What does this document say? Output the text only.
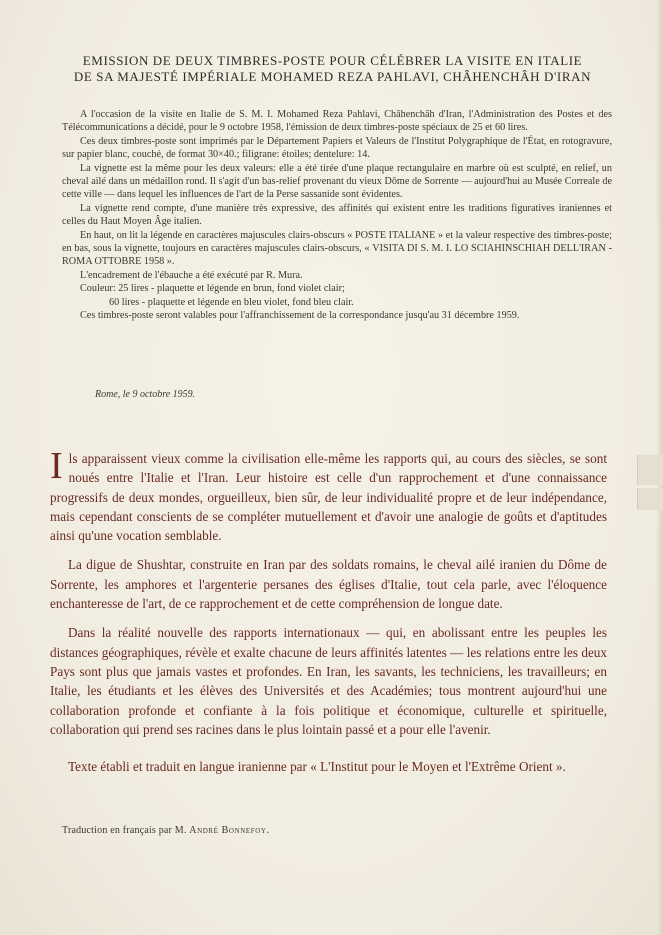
EMISSION DE DEUX TIMBRES-POSTE POUR CÉLÉBRER LA VISITE EN ITALIE
DE SA MAJESTÉ IMPÉRIALE MOHAMED REZA PAHLAVI, CHÂHENCHÂH D'IRAN

A l'occasion de la visite en Italie de S. M. I. Mohamed Reza Pahlavi, Châhenchâh d'Iran, l'Administration des Postes et des Télécommunications a décidé, pour le 9 octobre 1958, l'émission de deux timbres-poste spéciaux de 25 et 60 lires.

Ces deux timbres-poste sont imprimés par le Département Papiers et Valeurs de l'Institut Polygraphique de l'État, en rotogravure, sur papier blanc, couché, de format 30×40.; filigrane: étoiles; dentelure: 14.

La vignette est la même pour les deux valeurs: elle a été tirée d'une plaque rectangulaire en marbre où est sculpté, en relief, un cheval ailé dans un médaillon rond. Il s'agit d'un bas-relief provenant du vieux Dôme de Sorrente — aujourd'hui au Musée Correale de cette ville — dans lequel les influences de l'art de la Perse sassanide sont évidentes.

La vignette rend compte, d'une manière très expressive, des affinités qui existent entre les traditions figuratives iraniennes et celles du Haut Moyen Âge italien.

En haut, on lit la légende en caractères majuscules clairs-obscurs « POSTE ITALIANE » et la valeur respective des timbres-poste; en bas, sous la vignette, toujours en caractères majuscules clairs-obscurs, « VISITA DI S. M. I. LO SCIAHINSCHIAH DELL'IRAN - ROMA OTTOBRE 1958 ».

L'encadrement de l'ébauche a été exécuté par R. Mura.

Couleur: 25 lires - plaquette et légende en brun, fond violet clair;

60 lires - plaquette et légende en bleu violet, fond bleu clair.

Ces timbres-poste seront valables pour l'affranchissement de la correspondance jusqu'au 31 décembre 1959.

Rome, le 9 octobre 1959.

Ils apparaissent vieux comme la civilisation elle-même les rapports qui, au cours des siècles, se sont noués entre l'Italie et l'Iran. Leur histoire est celle d'un rapprochement et d'une connaissance progressifs de deux mondes, orgueilleux, bien sûr, de leur individualité propre et de leur indépendance, mais cependant conscients de se compléter mutuellement et d'avoir une analogie de goûts et d'aptitudes ainsi qu'une vocation semblable.

La digue de Shushtar, construite en Iran par des soldats romains, le cheval ailé iranien du Dôme de Sorrente, les amphores et l'argenterie persanes des églises d'Italie, tout cela parle, avec l'éloquence enchanteresse de l'art, de ce rapprochement et de cette compréhension de longue date.

Dans la réalité nouvelle des rapports internationaux — qui, en abolissant entre les peuples les distances géographiques, révèle et exalte chacune de leurs affinités latentes — les relations entre les deux Pays sont plus que jamais vastes et profondes. En Iran, les savants, les techniciens, les travailleurs; en Italie, les étudiants et les élèves des Universités et des Académies; tous montrent aujourd'hui une collaboration profonde et confiante à la fois politique et économique, culturelle et spirituelle, collaboration qui prend ses racines dans le plus lointain passé et a pour elle l'avenir.

Texte établi et traduit en langue iranienne par « L'Institut pour le Moyen et l'Extrême Orient ».

Traduction en français par M. André Bonnefoy.
